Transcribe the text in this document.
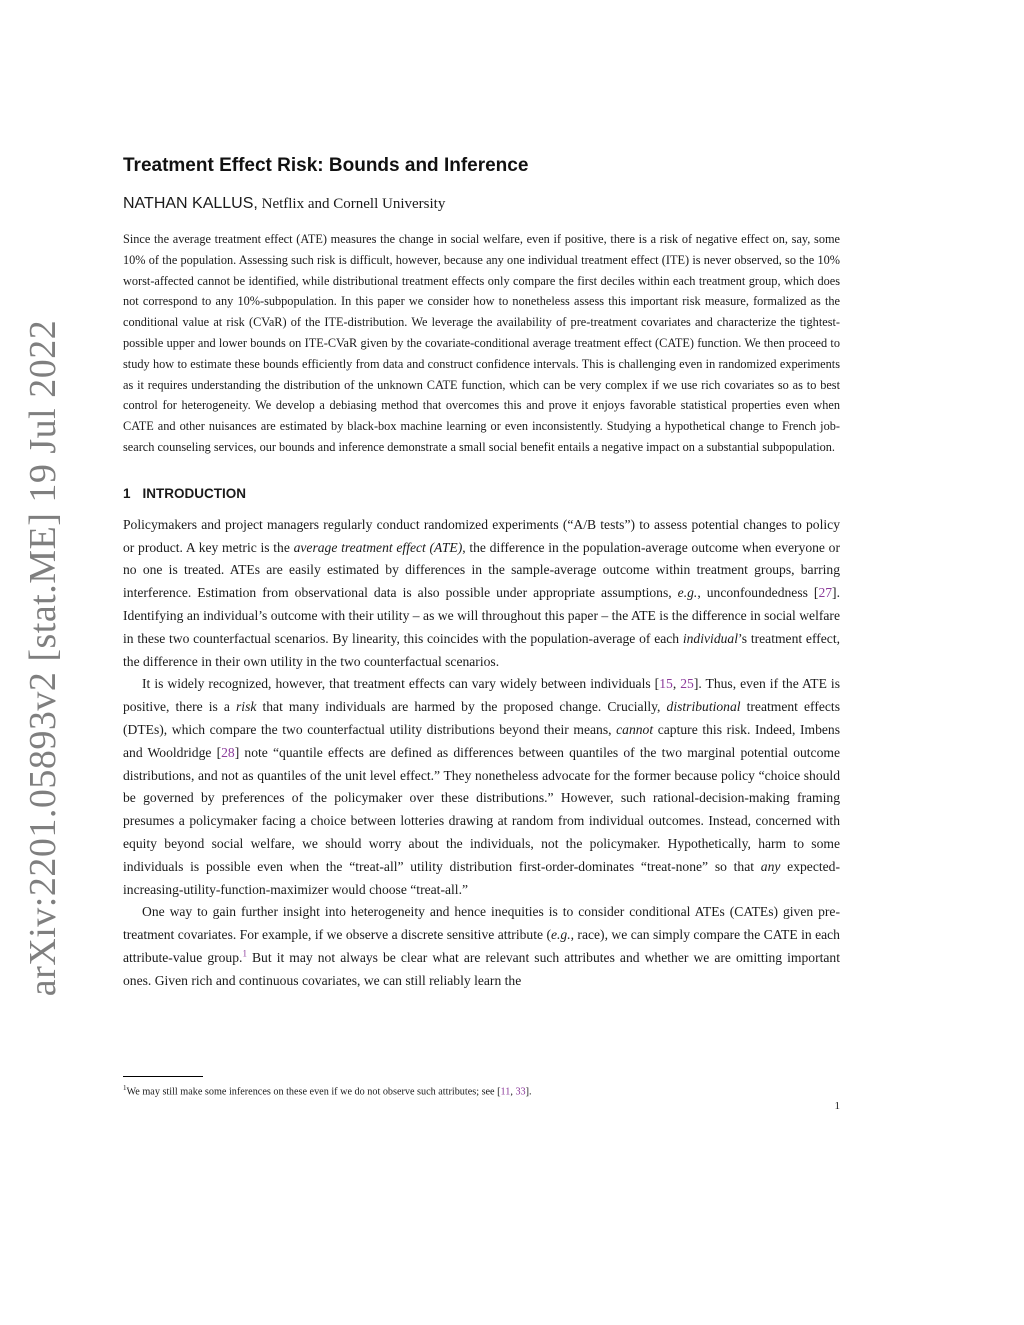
arXiv:2201.05893v2 [stat.ME] 19 Jul 2022
Treatment Effect Risk: Bounds and Inference
NATHAN KALLUS, Netflix and Cornell University

Since the average treatment effect (ATE) measures the change in social welfare, even if positive, there is a risk of negative effect on, say, some 10% of the population. Assessing such risk is difficult, however, because any one individual treatment effect (ITE) is never observed, so the 10% worst-affected cannot be identified, while distributional treatment effects only compare the first deciles within each treatment group, which does not correspond to any 10%-subpopulation. In this paper we consider how to nonetheless assess this important risk measure, formalized as the conditional value at risk (CVaR) of the ITE-distribution. We leverage the availability of pre-treatment covariates and characterize the tightest-possible upper and lower bounds on ITE-CVaR given by the covariate-conditional average treatment effect (CATE) function. We then proceed to study how to estimate these bounds efficiently from data and construct confidence intervals. This is challenging even in randomized experiments as it requires understanding the distribution of the unknown CATE function, which can be very complex if we use rich covariates so as to best control for heterogeneity. We develop a debiasing method that overcomes this and prove it enjoys favorable statistical properties even when CATE and other nuisances are estimated by black-box machine learning or even inconsistently. Studying a hypothetical change to French job-search counseling services, our bounds and inference demonstrate a small social benefit entails a negative impact on a substantial subpopulation.

1 INTRODUCTION

Policymakers and project managers regularly conduct randomized experiments (“A/B tests”) to assess potential changes to policy or product. A key metric is the average treatment effect (ATE), the difference in the population-average outcome when everyone or no one is treated. ATEs are easily estimated by differences in the sample-average outcome within treatment groups, barring interference. Estimation from observational data is also possible under appropriate assumptions, e.g., unconfoundedness [27]. Identifying an individual’s outcome with their utility – as we will throughout this paper – the ATE is the difference in social welfare in these two counterfactual scenarios. By linearity, this coincides with the population-average of each individual’s treatment effect, the difference in their own utility in the two counterfactual scenarios.

It is widely recognized, however, that treatment effects can vary widely between individuals [15, 25]. Thus, even if the ATE is positive, there is a risk that many individuals are harmed by the proposed change. Crucially, distributional treatment effects (DTEs), which compare the two counterfactual utility distributions beyond their means, cannot capture this risk. Indeed, Imbens and Wooldridge [28] note “quantile effects are defined as differences between quantiles of the two marginal potential outcome distributions, and not as quantiles of the unit level effect.” They nonetheless advocate for the former because policy “choice should be governed by preferences of the policymaker over these distributions.” However, such rational-decision-making framing presumes a policymaker facing a choice between lotteries drawing at random from individual outcomes. Instead, concerned with equity beyond social welfare, we should worry about the individuals, not the policymaker. Hypothetically, harm to some individuals is possible even when the “treat-all” utility distribution first-order-dominates “treat-none” so that any expected-increasing-utility-function-maximizer would choose “treat-all.”

One way to gain further insight into heterogeneity and hence inequities is to consider conditional ATEs (CATEs) given pre-treatment covariates. For example, if we observe a discrete sensitive attribute (e.g., race), we can simply compare the CATE in each attribute-value group.$^1$ But it may not always be clear what are relevant such attributes and whether we are omitting important ones. Given rich and continuous covariates, we can still reliably learn the

$^1$We may still make some inferences on these even if we do not observe such attributes; see [11, 33].
1
